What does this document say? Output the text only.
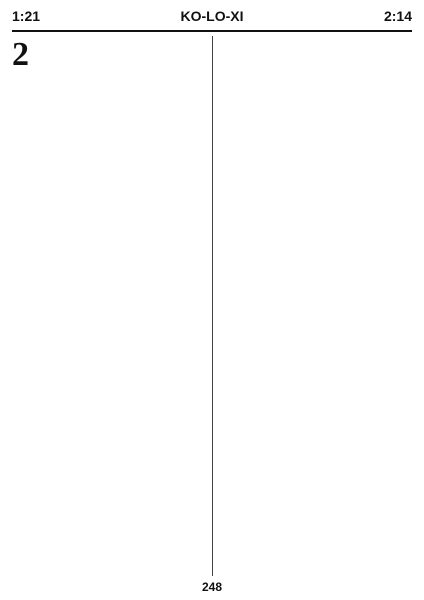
1:21	KO-LO-XI	2:14
2
248
